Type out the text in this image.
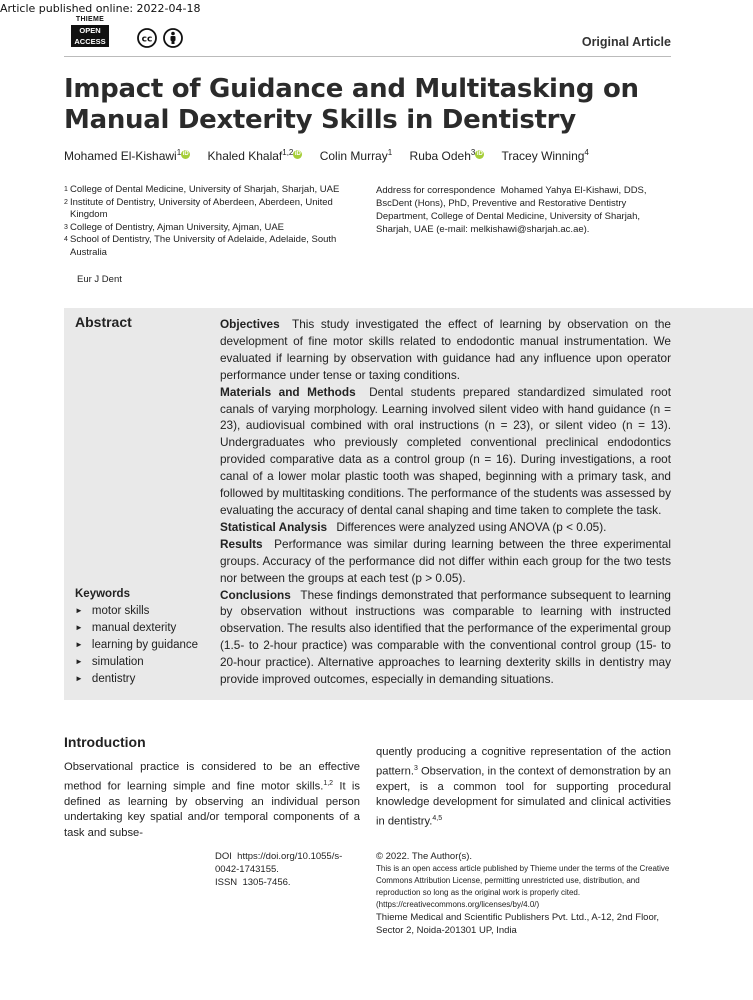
Article published online: 2022-04-18
THIEME
OPEN
ACCESS	cc	Original Article
Impact of Guidance and Multitasking on Manual Dexterity Skills in Dentistry
Mohamed El-Kishawi$^1$ iD Khaled Khalaf$^{1,2}$ iD Colin Murray$^1$ Ruba Odeh$^3$ iD Tracey Winning$^4$
1 College of Dental Medicine, University of Sharjah, Sharjah, UAE
2 Institute of Dentistry, University of Aberdeen, Aberdeen, United Kingdom
3 College of Dentistry, Ajman University, Ajman, UAE
4 School of Dentistry, The University of Adelaide, Adelaide, South Australia
Eur J Dent
Address for correspondence Mohamed Yahya El-Kishawi, DDS, BscDent (Hons), PhD, Preventive and Restorative Dentistry Department, College of Dental Medicine, University of Sharjah, Sharjah, UAE (e-mail: melkishawi@sharjah.ac.ae).
Abstract	Objectives This study investigated the effect of learning by observation on the development of fine motor skills related to endodontic manual instrumentation. We evaluated if learning by observation with guidance had any influence upon operator performance under tense or taxing conditions.

Materials and Methods Dental students prepared standardized simulated root canals of varying morphology. Learning involved silent video with hand guidance (n = 23), audiovisual combined with oral instructions (n = 23), or silent video (n = 13). Undergraduates who previously completed conventional preclinical endodontics provided comparative data as a control group (n = 16). During investigations, a root canal of a lower molar plastic tooth was shaped, beginning with a primary task, and followed by multitasking conditions. The performance of the students was assessed by evaluating the accuracy of dental canal shaping and time taken to complete the task.

Statistical Analysis Differences were analyzed using ANOVA (p < 0.05).

Results Performance was similar during learning between the three experimental groups. Accuracy of the performance did not differ within each group for the two tests nor between the groups at each test (p > 0.05).

Conclusions These findings demonstrated that performance subsequent to learning by observation without instructions was comparable to learning with instructed observation. The results also identified that the performance of the experimental group (1.5- to 2-hour practice) was comparable with the conventional control group (15- to 20-hour practice). Alternative approaches to learning dexterity skills in dentistry may provide improved outcomes, especially in demanding situations.

Keywords
► motor skills
► manual dexterity
► learning by guidance
► simulation
► dentistry
Introduction
Observational practice is considered to be an effective method for learning simple and fine motor skills.$^{1,2}$ It is defined as learning by observing an individual person undertaking key spatial and/or temporal components of a task and subse-
quently producing a cognitive representation of the action pattern.$^3$ Observation, in the context of demonstration by an expert, is a common tool for supporting procedural knowledge development for simulated and clinical activities in dentistry.$^{4,5}$
DOI https://doi.org/10.1055/s-0042-1743155.
ISSN 1305-7456.
© 2022. The Author(s).
This is an open access article published by Thieme under the terms of the Creative Commons Attribution License, permitting unrestricted use, distribution, and reproduction so long as the original work is properly cited. (https://creativecommons.org/licenses/by/4.0/)
Thieme Medical and Scientific Publishers Pvt. Ltd., A-12, 2nd Floor, Sector 2, Noida-201301 UP, India
